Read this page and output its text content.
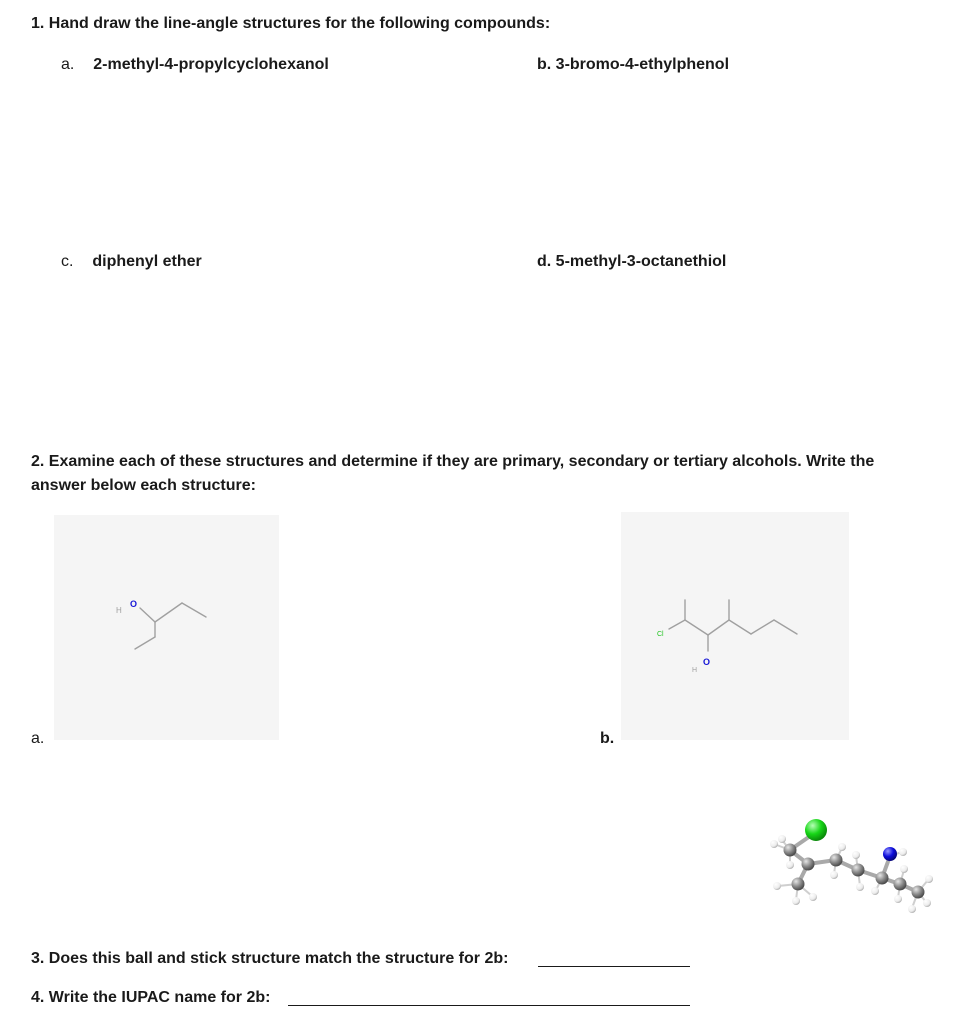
1. Hand draw the line-angle structures for the following compounds:
a. 2-methyl-4-propylcyclohexanol	b. 3-bromo-4-ethylphenol
c. diphenyl ether	d. 5-methyl-3-octanethiol
2. Examine each of these structures and determine if they are primary, secondary or tertiary alcohols. Write the answer below each structure:
H
O
a.
Cl
H
O
b.
3. Does this ball and stick structure match the structure for 2b:
4. Write the IUPAC name for 2b:
